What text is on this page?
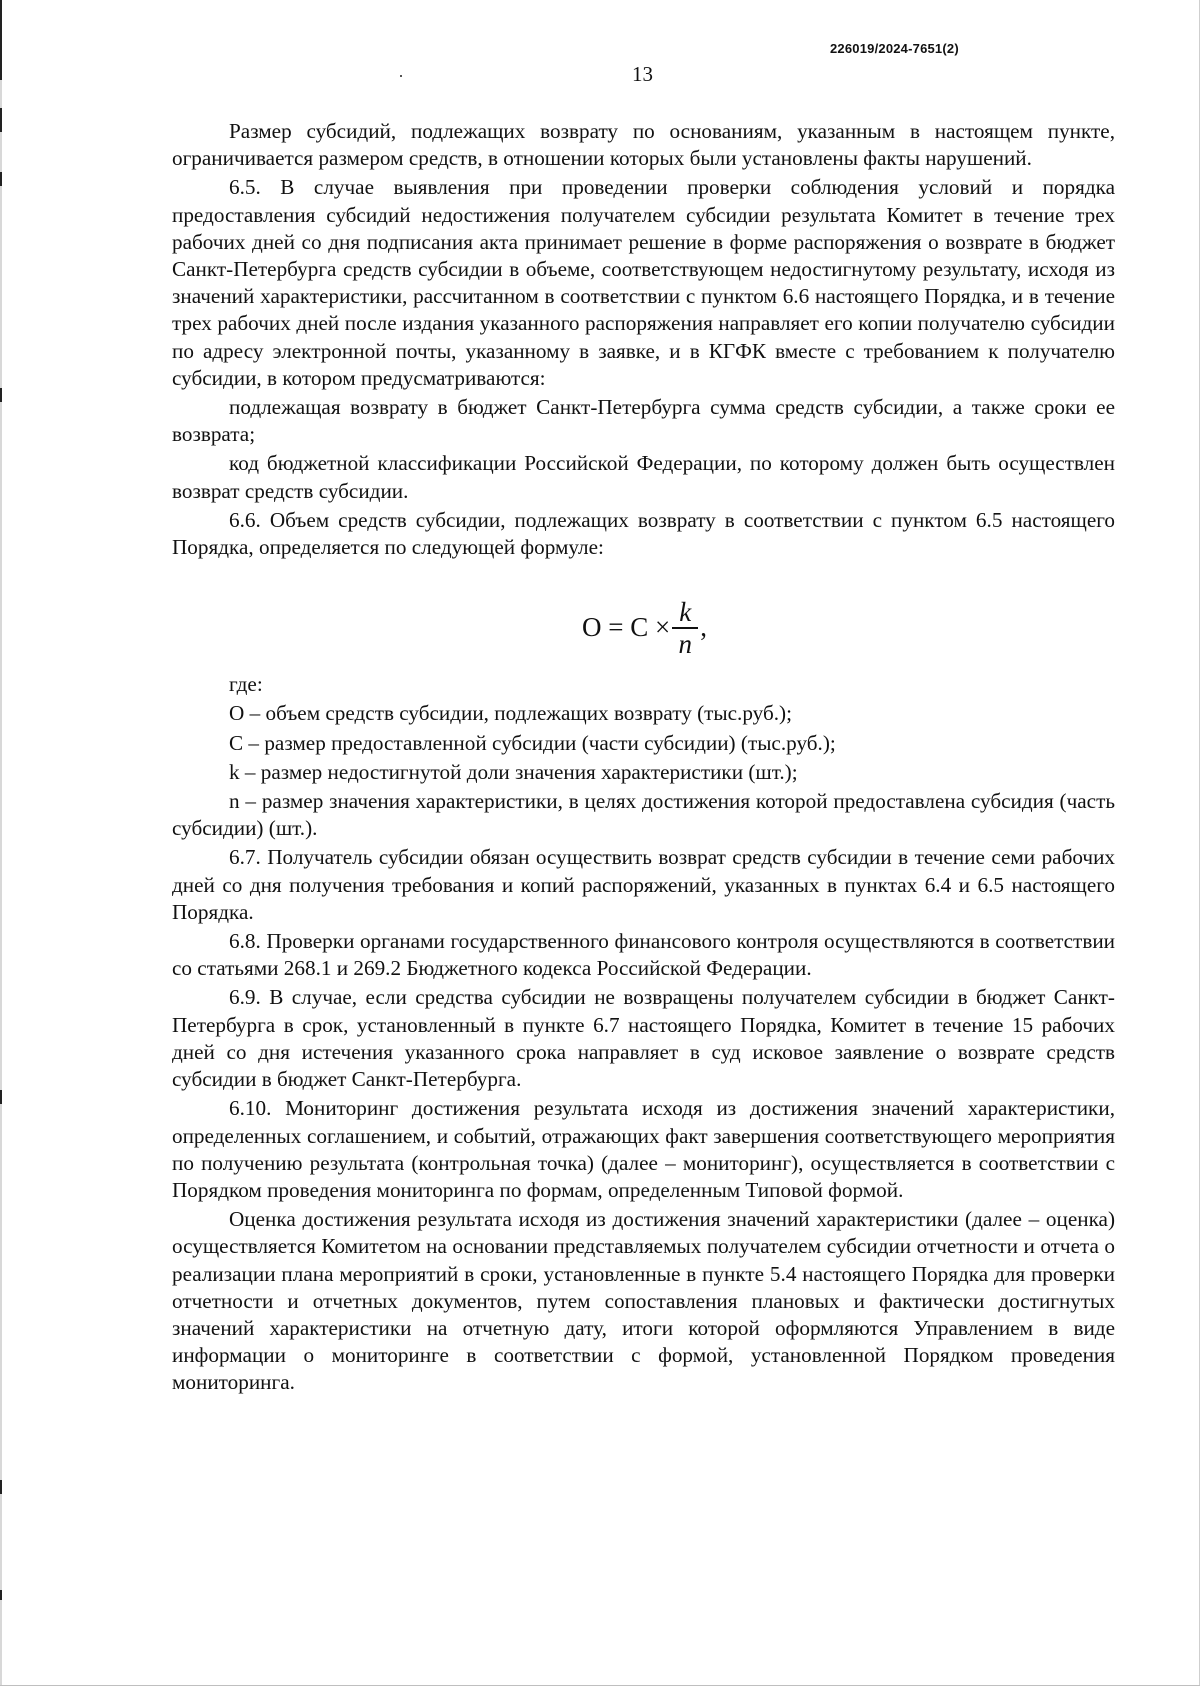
226019/2024-7651(2)
13

Размер субсидий, подлежащих возврату по основаниям, указанным в настоящем пункте, ограничивается размером средств, в отношении которых были установлены факты нарушений.

6.5. В случае выявления при проведении проверки соблюдения условий и порядка предоставления субсидий недостижения получателем субсидии результата Комитет в течение трех рабочих дней со дня подписания акта принимает решение в форме распоряжения о возврате в бюджет Санкт-Петербурга средств субсидии в объеме, соответствующем недостигнутому результату, исходя из значений характеристики, рассчитанном в соответствии с пунктом 6.6 настоящего Порядка, и в течение трех рабочих дней после издания указанного распоряжения направляет его копии получателю субсидии по адресу электронной почты, указанному в заявке, и в КГФК вместе с требованием к получателю субсидии, в котором предусматриваются:

подлежащая возврату в бюджет Санкт-Петербурга сумма средств субсидии, а также сроки ее возврата;

код бюджетной классификации Российской Федерации, по которому должен быть осуществлен возврат средств субсидии.

6.6. Объем средств субсидии, подлежащих возврату в соответствии с пунктом 6.5 настоящего Порядка, определяется по следующей формуле:

$O = C \times \frac{k}{n}$ ,

где:

О – объем средств субсидии, подлежащих возврату (тыс.руб.);

С – размер предоставленной субсидии (части субсидии) (тыс.руб.);

k – размер недостигнутой доли значения характеристики (шт.);

n – размер значения характеристики, в целях достижения которой предоставлена субсидия (часть субсидии) (шт.).

6.7. Получатель субсидии обязан осуществить возврат средств субсидии в течение семи рабочих дней со дня получения требования и копий распоряжений, указанных в пунктах 6.4 и 6.5 настоящего Порядка.

6.8. Проверки органами государственного финансового контроля осуществляются в соответствии со статьями 268.1 и 269.2 Бюджетного кодекса Российской Федерации.

6.9. В случае, если средства субсидии не возвращены получателем субсидии в бюджет Санкт-Петербурга в срок, установленный в пункте 6.7 настоящего Порядка, Комитет в течение 15 рабочих дней со дня истечения указанного срока направляет в суд исковое заявление о возврате средств субсидии в бюджет Санкт-Петербурга.

6.10. Мониторинг достижения результата исходя из достижения значений характеристики, определенных соглашением, и событий, отражающих факт завершения соответствующего мероприятия по получению результата (контрольная точка) (далее – мониторинг), осуществляется в соответствии с Порядком проведения мониторинга по формам, определенным Типовой формой.

Оценка достижения результата исходя из достижения значений характеристики (далее – оценка) осуществляется Комитетом на основании представляемых получателем субсидии отчетности и отчета о реализации плана мероприятий в сроки, установленные в пункте 5.4 настоящего Порядка для проверки отчетности и отчетных документов, путем сопоставления плановых и фактически достигнутых значений характеристики на отчетную дату, итоги которой оформляются Управлением в виде информации о мониторинге в соответствии с формой, установленной Порядком проведения мониторинга.
